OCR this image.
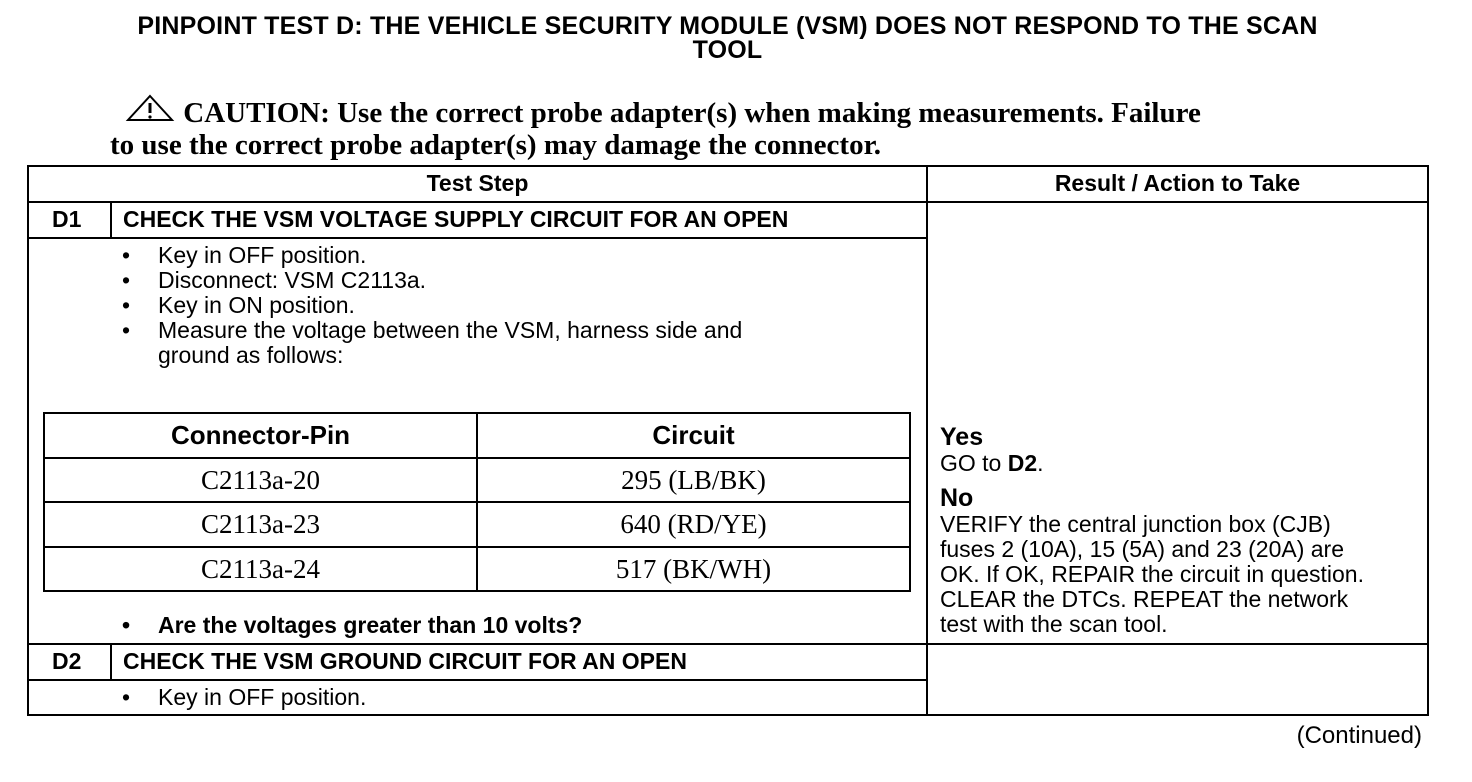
PINPOINT TEST D: THE VEHICLE SECURITY MODULE (VSM) DOES NOT RESPOND TO THE SCAN
TOOL
CAUTION: Use the correct probe adapter(s) when making measurements. Failure
to use the correct probe adapter(s) may damage the connector.
Test Step	Result / Action to Take
D1 CHECK THE VSM VOLTAGE SUPPLY CIRCUIT FOR AN OPEN
• Key in OFF position.
• Disconnect: VSM C2113a.
• Key in ON position.
• Measure the voltage between the VSM, harness side and
ground as follows:
Connector-Pin	Circuit
C2113a-20	295 (LB/BK)
C2113a-23	640 (RD/YE)
C2113a-24	517 (BK/WH)
• Are the voltages greater than 10 volts?
Yes
GO to D2.
No
VERIFY the central junction box (CJB)
fuses 2 (10A), 15 (5A) and 23 (20A) are
OK. If OK, REPAIR the circuit in question.
CLEAR the DTCs. REPEAT the network
test with the scan tool.
D2 CHECK THE VSM GROUND CIRCUIT FOR AN OPEN
• Key in OFF position.
(Continued)
